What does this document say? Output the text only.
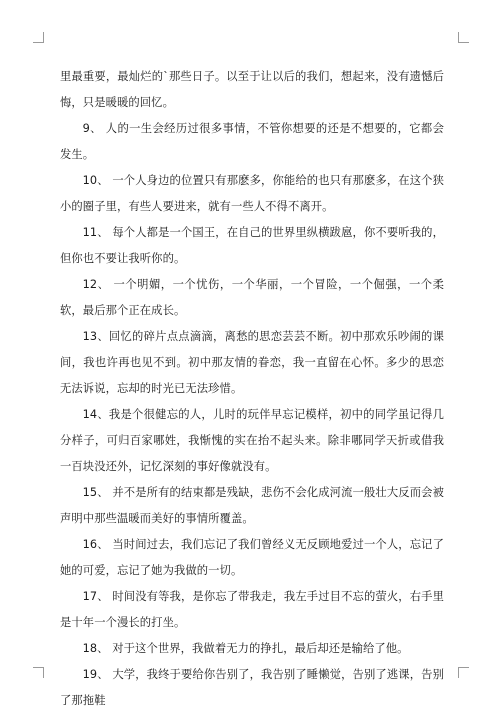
里最重要，最灿烂的`那些日子。以至于让以后的我们，想起来，没有遗憾后悔，只是暖暖的回忆。

9、 人的一生会经历过很多事情，不管你想要的还是不想要的，它都会发生。

10、 一个人身边的位置只有那麽多，你能给的也只有那麽多，在这个狭小的圈子里，有些人要进来，就有一些人不得不离开。

11、 每个人都是一个国王，在自己的世界里纵横跋扈，你不要听我的，但你也不要让我听你的。

12、 一个明媚，一个忧伤，一个华丽，一个冒险，一个倔强，一个柔软，最后那个正在成长。

13、回忆的碎片点点滴滴，离愁的思恋芸芸不断。初中那欢乐吵闹的课间，我也许再也见不到。初中那友情的眷恋，我一直留在心怀。多少的思恋无法诉说，忘却的时光已无法珍惜。

14、我是个很健忘的人，儿时的玩伴早忘记模样，初中的同学虽记得几分样子，可归百家哪姓，我惭愧的实在抬不起头来。除非哪同学天折或借我一百块没还外，记忆深刻的事好像就没有。

15、 并不是所有的结束都是残缺，悲伤不会化成河流一般壮大反而会被声明中那些温暖而美好的事情所覆盖。

16、 当时间过去，我们忘记了我们曾经义无反顾地爱过一个人，忘记了她的可爱，忘记了她为我做的一切。

17、 时间没有等我，是你忘了带我走，我左手过目不忘的萤火，右手里是十年一个漫长的打坐。

18、 对于这个世界，我做着无力的挣扎，最后却还是输给了他。

19、 大学，我终于要给你告别了，我告别了睡懒觉，告别了逃课，告别了那拖鞋
